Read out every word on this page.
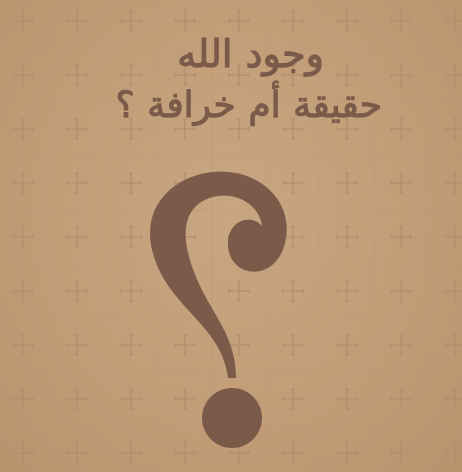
وجود الله
حقيقة أم خرافة ؟
